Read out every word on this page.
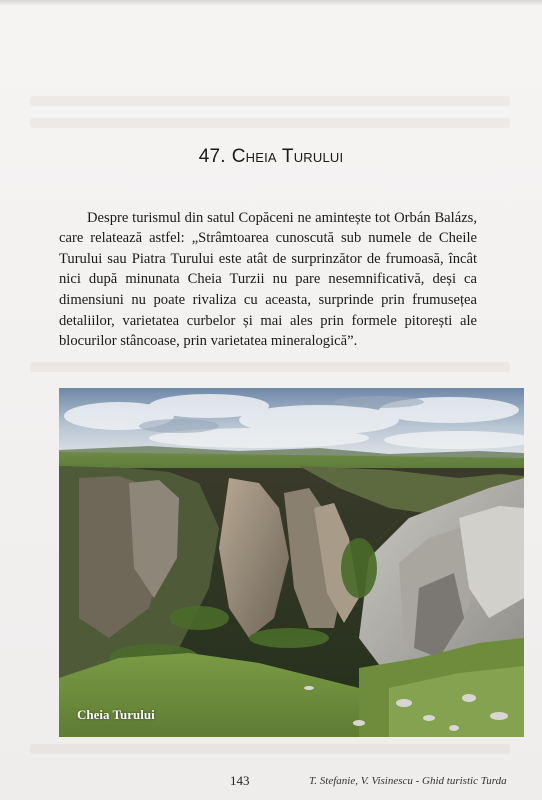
47. Cheia Turului

Despre turismul din satul Copăceni ne amintește tot Orbán Balázs, care relatează astfel: „Strâmtoarea cunoscută sub numele de Cheile Turului sau Piatra Turului este atât de surprinzător de frumoasă, încât nici după minunata Cheia Turzii nu pare nesemnificativă, deși ca dimensiuni nu poate rivaliza cu aceasta, surprinde prin frumusețea detaliilor, varietatea curbelor și mai ales prin formele pitorești ale blocurilor stâncoase, prin varietatea mineralogică”.

Cheia Turului
143	T. Stefanie, V. Visinescu - Ghid turistic Turda
